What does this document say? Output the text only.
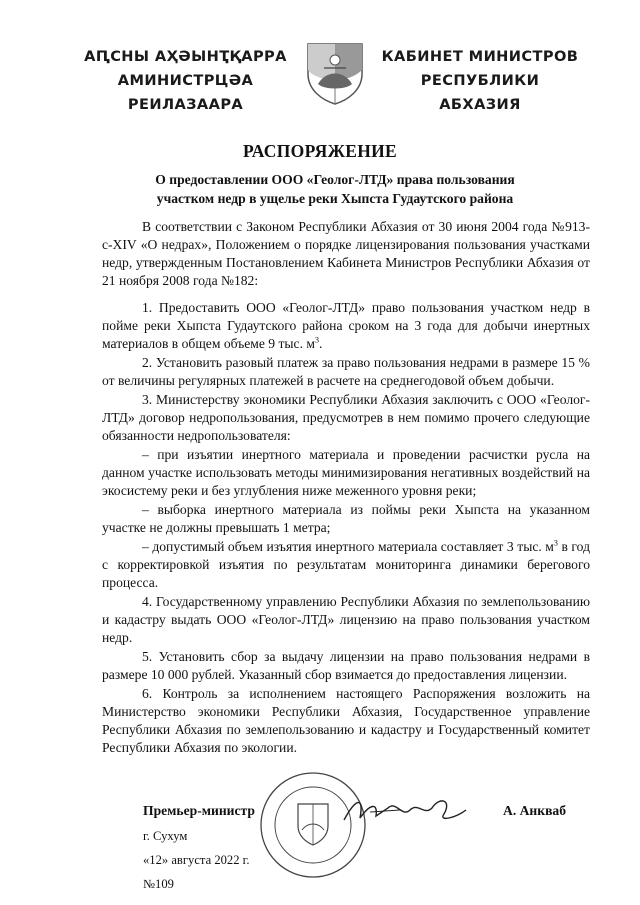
АԤСНЫ АҲӘЫНҬҚАРРА
АМИНИСТРЦӘА РЕИЛАЗААРА
КАБИНЕТ МИНИСТРОВ
РЕСПУБЛИКИ АБХАЗИЯ
РАСПОРЯЖЕНИЕ
О предоставлении ООО «Геолог-ЛТД» права пользования
участком недр в ущелье реки Хыпста Гудаутского района

В соответствии с Законом Республики Абхазия от 30 июня 2004 года №913-с-XIV «О недрах», Положением о порядке лицензирования пользования участками недр, утвержденным Постановлением Кабинета Министров Республики Абхазия от 21 ноября 2008 года №182:

1. Предоставить ООО «Геолог-ЛТД» право пользования участком недр в пойме реки Хыпста Гудаутского района сроком на 3 года для добычи инертных материалов в общем объеме 9 тыс. $м^3$.

2. Установить разовый платеж за право пользования недрами в размере 15 % от величины регулярных платежей в расчете на среднегодовой объем добычи.

3. Министерству экономики Республики Абхазия заключить с ООО «Геолог-ЛТД» договор недропользования, предусмотрев в нем помимо прочего следующие обязанности недропользователя:

– при изъятии инертного материала и проведении расчистки русла на данном участке использовать методы минимизирования негативных воздействий на экосистему реки и без углубления ниже меженного уровня реки;

– выборка инертного материала из поймы реки Хыпста на указанном участке не должны превышать 1 метра;

– допустимый объем изъятия инертного материала составляет 3 тыс. $м^3$ в год с корректировкой изъятия по результатам мониторинга динамики берегового процесса.

4. Государственному управлению Республики Абхазия по землепользованию и кадастру выдать ООО «Геолог-ЛТД» лицензию на право пользования участком недр.

5. Установить сбор за выдачу лицензии на право пользования недрами в размере 10 000 рублей. Указанный сбор взимается до предоставления лицензии.

6. Контроль за исполнением настоящего Распоряжения возложить на Министерство экономики Республики Абхазия, Государственное управление Республики Абхазия по землепользованию и кадастру и Государственный комитет Республики Абхазия по экологии.

Премьер-министр	А. Анкваб
г. Сухум
«12» августа 2022 г.
№109
